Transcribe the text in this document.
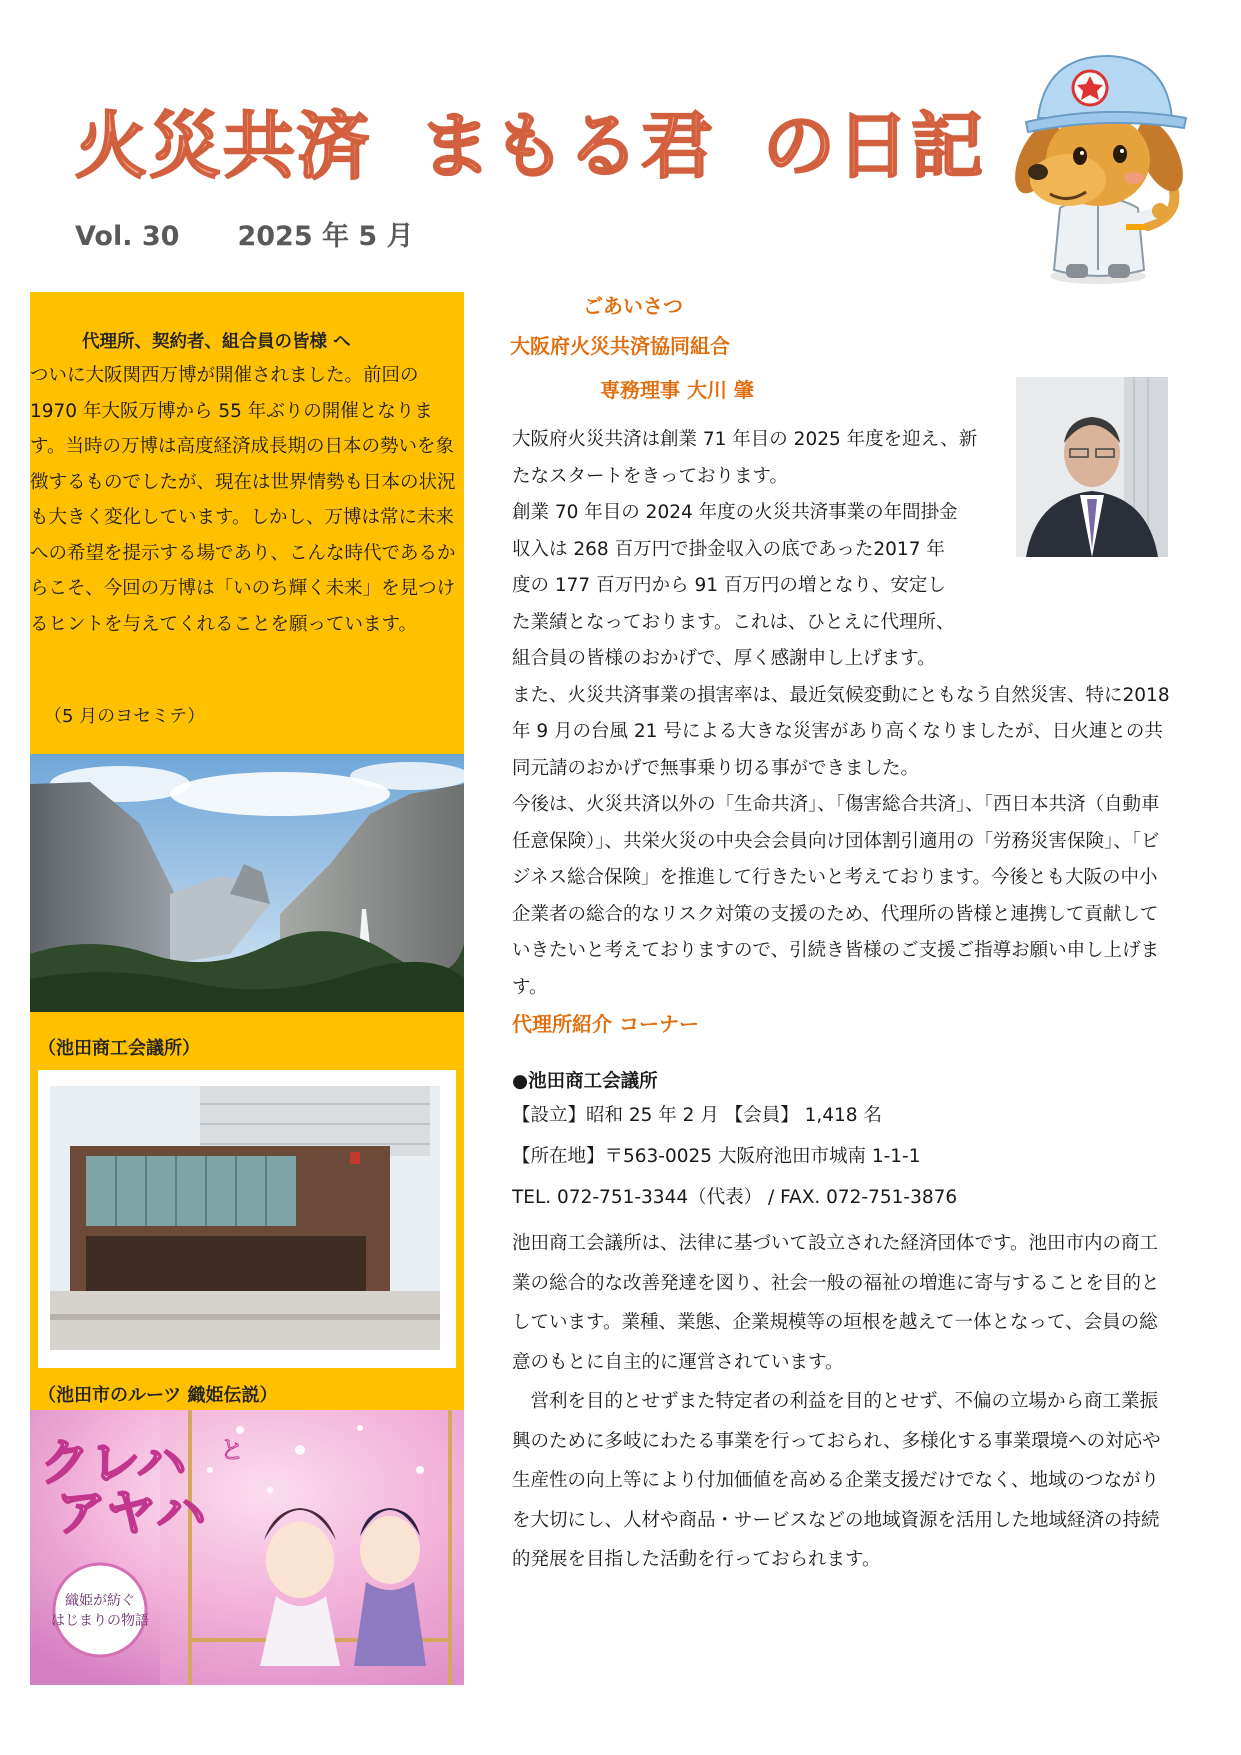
火災共済 まもる君 の日記
Vol. 30 2025 年 5 月
代理所、契約者、組合員の皆様 へ
ついに大阪関西万博が開催されました。前回の1970 年大阪万博から 55 年ぶりの開催となります。当時の万博は高度経済成長期の日本の勢いを象徴するものでしたが、現在は世界情勢も日本の状況も大きく変化しています。しかし、万博は常に未来への希望を提示する場であり、こんな時代であるからこそ、今回の万博は「いのち輝く未来」を見つけるヒントを与えてくれることを願っています。
（5 月のヨセミテ）
（池田商工会議所）
（池田市のルーツ 織姫伝説）
クレハ と
アヤハ
織姫が紡ぐ
はじまりの物語
ごあいさつ
大阪府火災共済協同組合
専務理事 大川 肇
大阪府火災共済は創業 71 年目の 2025 年度を迎え、新たなスタートをきっております。
創業 70 年目の 2024 年度の火災共済事業の年間掛金収入は 268 百万円で掛金収入の底であった2017 年度の 177 百万円から 91 百万円の増となり、安定した業績となっております。これは、ひとえに代理所、組合員の皆様のおかげで、厚く感謝申し上げます。
また、火災共済事業の損害率は、最近気候変動にともなう自然災害、特に2018 年 9 月の台風 21 号による大きな災害があり高くなりましたが、日火連との共同元請のおかげで無事乗り切る事ができました。
今後は、火災共済以外の「生命共済」、「傷害総合共済」、「西日本共済（自動車任意保険）」、共栄火災の中央会会員向け団体割引適用の「労務災害保険」、「ビジネス総合保険」を推進して行きたいと考えております。今後とも大阪の中小企業者の総合的なリスク対策の支援のため、代理所の皆様と連携して貢献していきたいと考えておりますので、引続き皆様のご支援ご指導お願い申し上げます。
代理所紹介 コーナー
●池田商工会議所
【設立】昭和 25 年 2 月 【会員】 1,418 名
【所在地】〒563-0025 大阪府池田市城南 1-1-1
TEL. 072-751-3344（代表） / FAX. 072-751-3876
池田商工会議所は、法律に基づいて設立された経済団体です。池田市内の商工業の総合的な改善発達を図り、社会一般の福祉の増進に寄与することを目的としています。業種、業態、企業規模等の垣根を越えて一体となって、会員の総意のもとに自主的に運営されています。
　営利を目的とせずまた特定者の利益を目的とせず、不偏の立場から商工業振興のために多岐にわたる事業を行っておられ、多様化する事業環境への対応や生産性の向上等により付加価値を高める企業支援だけでなく、地域のつながりを大切にし、人材や商品・サービスなどの地域資源を活用した地域経済の持続的発展を目指した活動を行っておられます。
